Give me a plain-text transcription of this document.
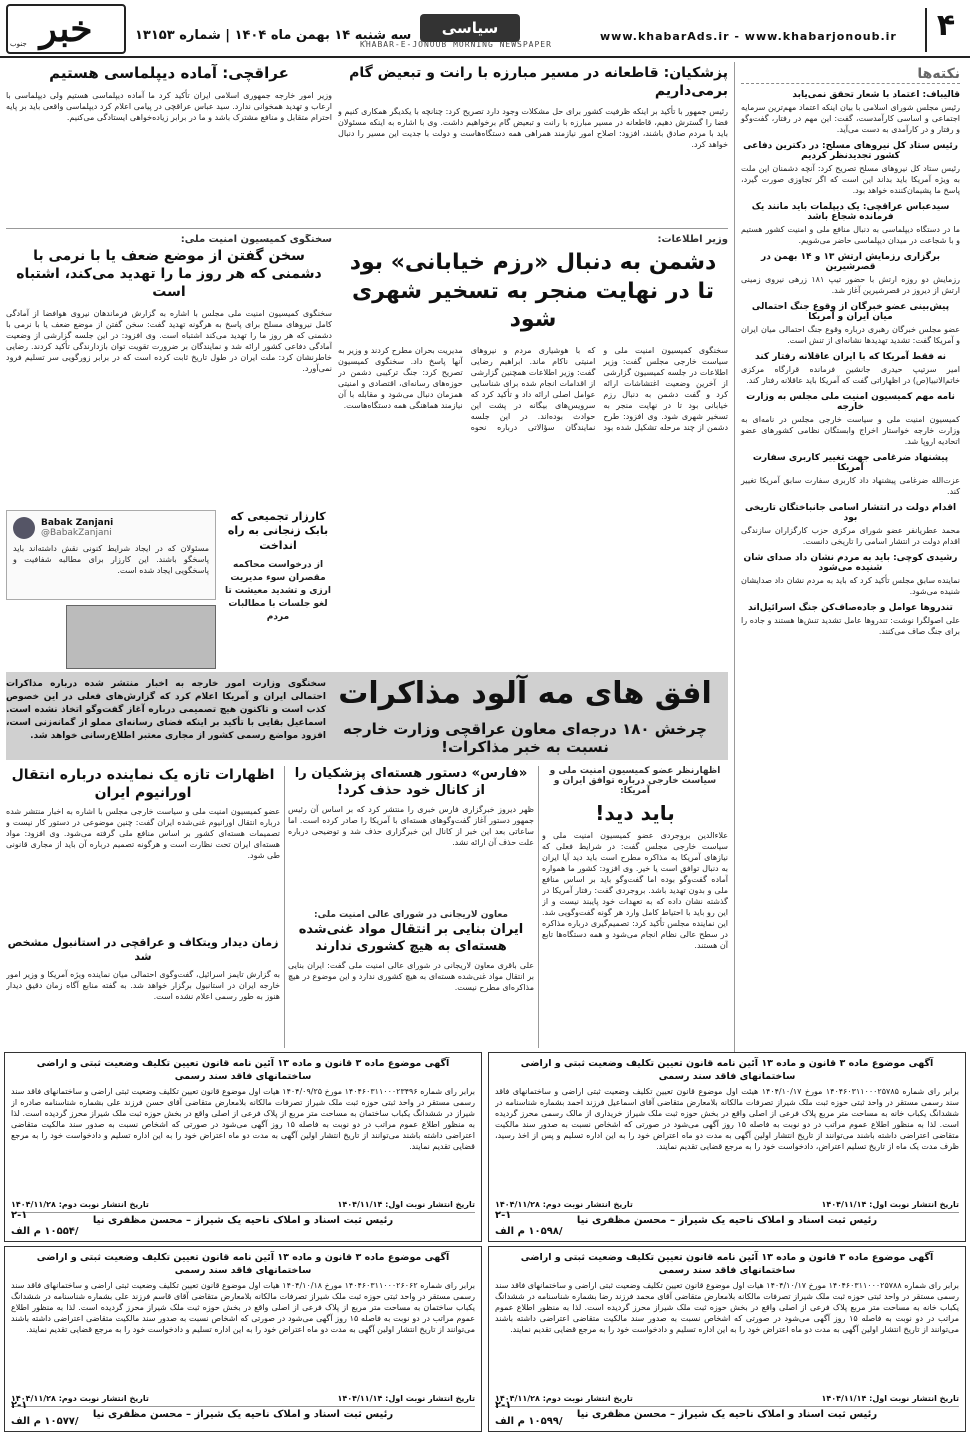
۴
www.khabarAds.ir - www.khabarjonoub.ir
سیاسی
KHABAR-E-JONOUB MORNING NEWSPAPER
سه شنبه ۱۴ بهمن ماه ۱۴۰۴ | شماره ۱۳۱۵۳
خبر
جنوب
نکته‌ها
قالیباف: اعتماد با شعار تحقق نمی‌یابد

رئیس مجلس شورای اسلامی با بیان اینکه اعتماد مهم‌ترین سرمایه اجتماعی و اساسی کارآمدست، گفت: این مهم در رفتار، گفت‌وگو و رفتار و در کارآمدی به دست می‌آید.

رئیس ستاد کل نیروهای مسلح: در دکترین دفاعی کشور تجدیدنظر کردیم

رئیس ستاد کل نیروهای مسلح تصریح کرد: آنچه دشمنان این ملت به ویژه آمریکا باید بداند این است که اگر تجاوزی صورت گیرد، پاسخ ما پشیمان‌کننده خواهد بود.

سیدعباس عراقچی: یک دیپلمات باید مانند یک فرمانده شجاع باشد

ما در دستگاه دیپلماسی به دنبال منافع ملی و امنیت کشور هستیم و با شجاعت در میدان دیپلماسی حاضر می‌شویم.

برگزاری رزمایش ارتش ۱۳ و ۱۴ بهمن در قصرشیرین

رزمایش دو روزه ارتش با حضور تیپ ۱۸۱ زرهی نیروی زمینی ارتش از دیروز در قصرشیرین آغاز شد.

پیش‌بینی عضو خبرگان از وقوع جنگ احتمالی میان ایران و آمریکا

عضو مجلس خبرگان رهبری درباره وقوع جنگ احتمالی میان ایران و آمریکا گفت: تشدید تهدیدها نشانه‌ای از تنش است.

نه فقط آمریکا که با ایران عاقلانه رفتار کند

امیر سرتیپ حیدری جانشین فرمانده قرارگاه مرکزی خاتم‌الانبیا(ص) در اظهاراتی گفت که آمریکا باید عاقلانه رفتار کند.

نامه مهم کمیسیون امنیت ملی مجلس به وزارت خارجه

کمیسیون امنیت ملی و سیاست خارجی مجلس در نامه‌ای به وزارت خارجه خواستار اخراج وابستگان نظامی کشورهای عضو اتحادیه اروپا شد.

پیشنهاد ضرغامی جهت تغییر کاربری سفارت آمریکا

عزت‌الله ضرغامی پیشنهاد داد کاربری سفارت سابق آمریکا تغییر کند.

اقدام دولت در انتشار اسامی جانباختگان تاریخی بود

محمد عطریانفر عضو شورای مرکزی حزب کارگزاران سازندگی اقدام دولت در انتشار اسامی را تاریخی دانست.

رشیدی کوچی: باید به مردم نشان داد صدای شان شنیده می‌شود

نماینده سابق مجلس تأکید کرد که باید به مردم نشان داد صدایشان شنیده می‌شود.

تندروها عوامل و جاده‌صاف‌کن جنگ اسرائیل‌اند

علی اصولگرا نوشت: تندروها عامل تشدید تنش‌ها هستند و جاده را برای جنگ صاف می‌کنند.

پزشکیان: قاطعانه در مسیر مبارزه با رانت و تبعیض گام برمی‌داریم

رئیس جمهور با تأکید بر اینکه ظرفیت کشور برای حل مشکلات وجود دارد تصریح کرد: چنانچه با یکدیگر همکاری کنیم و فضا را گسترش دهیم، قاطعانه در مسیر مبارزه با رانت و تبعیض گام برخواهیم داشت. وی با اشاره به اینکه مسئولان باید با مردم صادق باشند، افزود: اصلاح امور نیازمند همراهی همه دستگاه‌هاست و دولت با جدیت این مسیر را دنبال خواهد کرد.

عراقچی: آماده دیپلماسی هستیم

وزیر امور خارجه جمهوری اسلامی ایران تأکید کرد ما آماده دیپلماسی هستیم ولی دیپلماسی با ارعاب و تهدید همخوانی ندارد. سید عباس عراقچی در پیامی اعلام کرد دیپلماسی واقعی باید بر پایه احترام متقابل و منافع مشترک باشد و ما در برابر زیاده‌خواهی ایستادگی می‌کنیم.

وزیر اطلاعات:
دشمن به دنبال «رزم خیابانی» بود تا در نهایت منجر به تسخیر شهری شود

سخنگوی کمیسیون امنیت ملی و سیاست خارجی مجلس گفت: وزیر اطلاعات در جلسه کمیسیون گزارشی از آخرین وضعیت اغتشاشات ارائه کرد و گفت دشمن به دنبال رزم خیابانی بود تا در نهایت منجر به تسخیر شهری شود. وی افزود: طرح دشمن از چند مرحله تشکیل شده بود که با هوشیاری مردم و نیروهای امنیتی ناکام ماند. ابراهیم رضایی گفت: وزیر اطلاعات همچنین گزارشی از اقدامات انجام شده برای شناسایی عوامل اصلی ارائه داد و تأکید کرد که سرویس‌های بیگانه در پشت این حوادث بوده‌اند. در این جلسه نمایندگان سؤالاتی درباره نحوه مدیریت بحران مطرح کردند و وزیر به آنها پاسخ داد. سخنگوی کمیسیون تصریح کرد: جنگ ترکیبی دشمن در حوزه‌های رسانه‌ای، اقتصادی و امنیتی همزمان دنبال می‌شود و مقابله با آن نیازمند هماهنگی همه دستگاه‌هاست.

سخنگوی کمیسیون امنیت ملی:
سخن گفتن از موضع ضعف یا با نرمی با دشمنی که هر روز ما را تهدید می‌کند، اشتباه است

سخنگوی کمیسیون امنیت ملی مجلس با اشاره به گزارش فرماندهان نیروی هوافضا از آمادگی کامل نیروهای مسلح برای پاسخ به هرگونه تهدید گفت: سخن گفتن از موضع ضعف یا با نرمی با دشمنی که هر روز ما را تهدید می‌کند اشتباه است. وی افزود: در این جلسه گزارشی از وضعیت آمادگی دفاعی کشور ارائه شد و نمایندگان بر ضرورت تقویت توان بازدارندگی تأکید کردند. رضایی خاطرنشان کرد: ملت ایران در طول تاریخ ثابت کرده است که در برابر زورگویی سر تسلیم فرود نمی‌آورد.

کارزار تجمیعی که بابک زنجانی به راه انداخت

از درخواست محاکمه مقصران سوء مدیریت ارزی و تشدید معیشت تا لغو جلسات با مطالبات مردم

Babak Zanjani
@BabakZanjani

مسئولان که در ایجاد شرایط کنونی نقش داشته‌اند باید پاسخگو باشند. این کارزار برای مطالبه شفافیت و پاسخگویی ایجاد شده است.

سخنگوی وزارت امور خارجه به اخبار منتشر شده درباره مذاکرات احتمالی ایران و آمریکا اعلام کرد که گزارش‌های فعلی در این خصوص کذب است و تاکنون هیچ تصمیمی درباره آغاز گفت‌وگو اتخاذ نشده است. اسماعیل بقایی با تأکید بر اینکه فضای رسانه‌ای مملو از گمانه‌زنی است، افزود مواضع رسمی کشور از مجاری معتبر اطلاع‌رسانی خواهد شد.
افق های مه آلود مذاکرات
چرخش ۱۸۰ درجه‌ای معاون عراقچی وزارت خارجه نسبت به خبر مذاکرات!
اظهارنظر عضو کمیسیون امنیت ملی و سیاست خارجی درباره توافق ایران و آمریکا:
باید دید!

علاءالدین بروجردی عضو کمیسیون امنیت ملی و سیاست خارجی مجلس گفت: در شرایط فعلی که نیازهای آمریکا به مذاکره مطرح است باید دید آیا ایران به دنبال توافق است یا خیر. وی افزود: کشور ما همواره آماده گفت‌وگو بوده اما گفت‌وگو باید بر اساس منافع ملی و بدون تهدید باشد. بروجردی گفت: رفتار آمریکا در گذشته نشان داده که به تعهدات خود پایبند نیست و از این رو باید با احتیاط کامل وارد هر گونه گفت‌وگویی شد. این نماینده مجلس تأکید کرد: تصمیم‌گیری درباره مذاکره در سطح عالی نظام انجام می‌شود و همه دستگاه‌ها تابع آن هستند.

«فارس» دستور هسته‌ای پزشکیان را از کانال خود حذف کرد!

ظهر دیروز خبرگزاری فارس خبری را منتشر کرد که بر اساس آن رئیس جمهور دستور آغاز گفت‌وگوهای هسته‌ای با آمریکا را صادر کرده است. اما ساعاتی بعد این خبر از کانال این خبرگزاری حذف شد و توضیحی درباره علت حذف آن ارائه نشد.

معاون لاریجانی در شورای عالی امنیت ملی:
ایران بنایی بر انتقال مواد غنی‌شده هسته‌ای به هیچ کشوری ندارند

علی باقری معاون لاریجانی در شورای عالی امنیت ملی گفت: ایران بنایی بر انتقال مواد غنی‌شده هسته‌ای به هیچ کشوری ندارد و این موضوع در هیچ مذاکره‌ای مطرح نیست.

اظهارات تازه یک نماینده درباره انتقال اورانیوم ایران

عضو کمیسیون امنیت ملی و سیاست خارجی مجلس با اشاره به اخبار منتشر شده درباره انتقال اورانیوم غنی‌شده ایران گفت: چنین موضوعی در دستور کار نیست و تصمیمات هسته‌ای کشور بر اساس منافع ملی گرفته می‌شود. وی افزود: مواد هسته‌ای ایران تحت نظارت است و هرگونه تصمیم درباره آن باید از مجاری قانونی طی شود.

زمان دیدار ویتکاف و عراقچی در استانبول مشخص شد

به گزارش تایمز اسرائیل، گفت‌وگوی احتمالی میان نماینده ویژه آمریکا و وزیر امور خارجه ایران در استانبول برگزار خواهد شد. به گفته منابع آگاه زمان دقیق دیدار هنوز به طور رسمی اعلام نشده است.

آگهی موضوع ماده ۳ قانون و ماده ۱۳ آئین نامه قانون تعیین تکلیف وضعیت ثبتی و اراضی ساختمانهای فاقد سند رسمی
برابر رای شماره ۱۴۰۴۶۰۳۱۱۰۰۰۲۵۷۸۵ مورخ ۱۴۰۴/۱۰/۱۷ هیئت اول موضوع قانون تعیین تکلیف وضعیت ثبتی اراضی و ساختمانهای فاقد سند رسمی مستقر در واحد ثبتی حوزه ثبت ملک شیراز تصرفات مالکانه بلامعارض متقاضی آقای اسماعیل فرزند احمد بشماره شناسنامه در ششدانگ یکباب خانه به مساحت متر مربع پلاک فرعی از اصلی واقع در بخش حوزه ثبت ملک شیراز خریداری از مالک رسمی محرز گردیده است. لذا به منظور اطلاع عموم مراتب در دو نوبت به فاصله ۱۵ روز آگهی می‌شود در صورتی که اشخاص نسبت به صدور سند مالکیت متقاضی اعتراضی داشته باشند می‌توانند از تاریخ انتشار اولین آگهی به مدت دو ماه اعتراض خود را به این اداره تسلیم و پس از اخذ رسید، ظرف مدت یک ماه از تاریخ تسلیم اعتراض، دادخواست خود را به مرجع قضایی تقدیم نمایند.
تاریخ انتشار نوبت اول: ۱۴۰۴/۱۱/۱۴
تاریخ انتشار نوبت دوم: ۱۴۰۴/۱۱/۲۸
رئیس ثبت اسناد و املاک ناحیه یک شیراز – محسن مظفری نیا
/۱۰۵۹۸ م الف
۲-۱
آگهی موضوع ماده ۳ قانون و ماده ۱۳ آئین نامه قانون تعیین تکلیف وضعیت ثبتی و اراضی ساختمانهای فاقد سند رسمی
برابر رای شماره ۱۴۰۴۶۰۳۱۱۰۰۰۲۳۴۹۶ مورخ ۱۴۰۴/۰۹/۲۵ هیات اول موضوع قانون تعیین تکلیف وضعیت ثبتی اراضی و ساختمانهای فاقد سند رسمی مستقر در واحد ثبتی حوزه ثبت ملک شیراز تصرفات مالکانه بلامعارض متقاضی آقای حسن فرزند علی بشماره شناسنامه صادره از شیراز در ششدانگ یکباب ساختمان به مساحت متر مربع از پلاک فرعی از اصلی واقع در بخش حوزه ثبت ملک شیراز محرز گردیده است. لذا به منظور اطلاع عموم مراتب در دو نوبت به فاصله ۱۵ روز آگهی می‌شود در صورتی که اشخاص نسبت به صدور سند مالکیت متقاضی اعتراضی داشته باشند می‌توانند از تاریخ انتشار اولین آگهی به مدت دو ماه اعتراض خود را به این اداره تسلیم و دادخواست خود را به مرجع قضایی تقدیم نمایند.
تاریخ انتشار نوبت اول: ۱۴۰۴/۱۱/۱۴
تاریخ انتشار نوبت دوم: ۱۴۰۴/۱۱/۲۸
رئیس ثبت اسناد و املاک ناحیه یک شیراز – محسن مظفری نیا
/۱۰۵۵۴ م الف
۲-۱
آگهی موضوع ماده ۳ قانون و ماده ۱۳ آئین نامه قانون تعیین تکلیف وضعیت ثبتی و اراضی ساختمانهای فاقد سند رسمی
برابر رای شماره ۱۴۰۴۶۰۳۱۱۰۰۰۲۵۷۸۸ مورخ ۱۴۰۴/۱۰/۱۷ هیات اول موضوع قانون تعیین تکلیف وضعیت ثبتی اراضی و ساختمانهای فاقد سند رسمی مستقر در واحد ثبتی حوزه ثبت ملک شیراز تصرفات مالکانه بلامعارض متقاضی آقای محمد فرزند رضا بشماره شناسنامه در ششدانگ یکباب خانه به مساحت متر مربع پلاک فرعی از اصلی واقع در بخش حوزه ثبت ملک شیراز محرز گردیده است. لذا به منظور اطلاع عموم مراتب در دو نوبت به فاصله ۱۵ روز آگهی می‌شود در صورتی که اشخاص نسبت به صدور سند مالکیت متقاضی اعتراضی داشته باشند می‌توانند از تاریخ انتشار اولین آگهی به مدت دو ماه اعتراض خود را به این اداره تسلیم و دادخواست خود را به مرجع قضایی تقدیم نمایند.
تاریخ انتشار نوبت اول: ۱۴۰۴/۱۱/۱۴
تاریخ انتشار نوبت دوم: ۱۴۰۴/۱۱/۲۸
رئیس ثبت اسناد و املاک ناحیه یک شیراز – محسن مظفری نیا
/۱۰۵۹۹ م الف
۲-۱
آگهی موضوع ماده ۳ قانون و ماده ۱۳ آئین نامه قانون تعیین تکلیف وضعیت ثبتی و اراضی ساختمانهای فاقد سند رسمی
برابر رای شماره ۱۴۰۴۶۰۳۱۱۰۰۰۲۶۰۶۲ مورخ ۱۴۰۴/۱۰/۱۸ هیات اول موضوع قانون تعیین تکلیف وضعیت ثبتی اراضی و ساختمانهای فاقد سند رسمی مستقر در واحد ثبتی حوزه ثبت ملک شیراز تصرفات مالکانه بلامعارض متقاضی آقای قاسم فرزند علی بشماره شناسنامه در ششدانگ یکباب ساختمان به مساحت متر مربع از پلاک فرعی از اصلی واقع در بخش حوزه ثبت ملک شیراز محرز گردیده است. لذا به منظور اطلاع عموم مراتب در دو نوبت به فاصله ۱۵ روز آگهی می‌شود در صورتی که اشخاص نسبت به صدور سند مالکیت متقاضی اعتراضی داشته باشند می‌توانند از تاریخ انتشار اولین آگهی به مدت دو ماه اعتراض خود را به این اداره تسلیم و دادخواست خود را به مرجع قضایی تقدیم نمایند.
تاریخ انتشار نوبت اول: ۱۴۰۴/۱۱/۱۴
تاریخ انتشار نوبت دوم: ۱۴۰۴/۱۱/۲۸
رئیس ثبت اسناد و املاک ناحیه یک شیراز – محسن مظفری نیا
/۱۰۵۷۷ م الف
۲-۱
